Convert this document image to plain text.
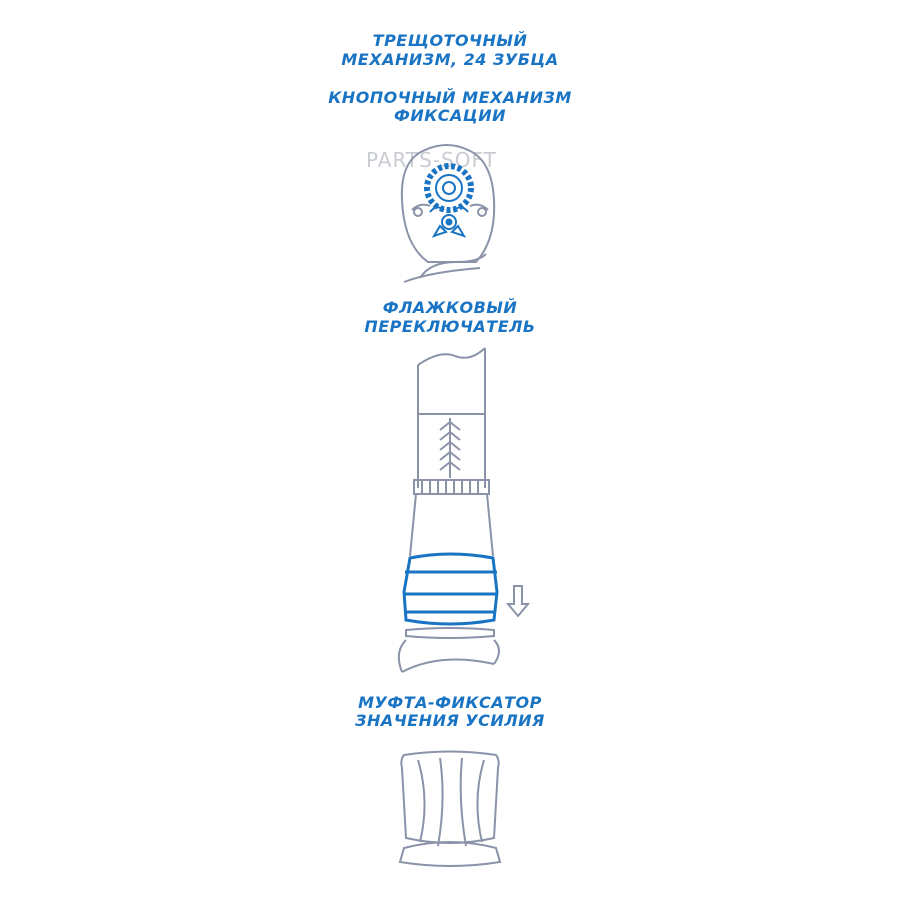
ТРЕЩОТОЧНЫЙ
МЕХАНИЗМ, 24 ЗУБЦА
КНОПОЧНЫЙ МЕХАНИЗМ
ФИКСАЦИИ
PARTS-SOFT
ФЛАЖКОВЫЙ
ПЕРЕКЛЮЧАТЕЛЬ
МУФТА-ФИКСАТОР
ЗНАЧЕНИЯ УСИЛИЯ
